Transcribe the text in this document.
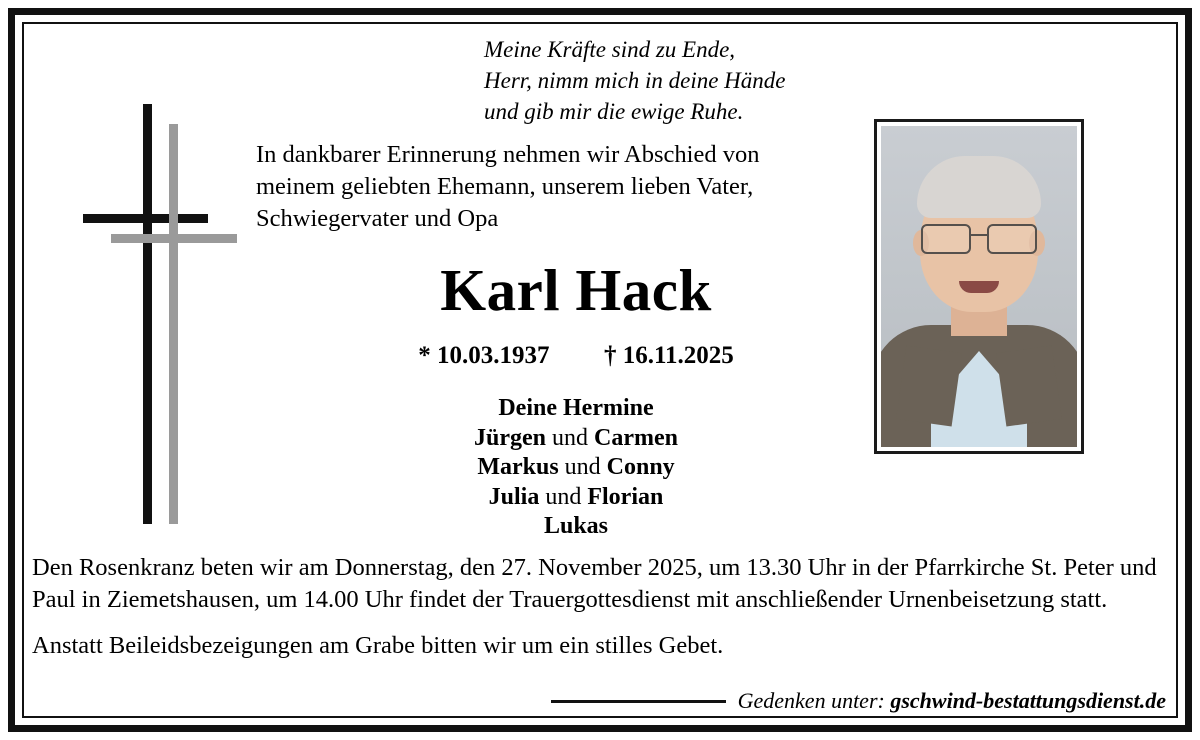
Meine Kräfte sind zu Ende,
Herr, nimm mich in deine Hände
und gib mir die ewige Ruhe.
In dankbarer Erinnerung nehmen wir Abschied von
meinem geliebten Ehemann, unserem lieben Vater,
Schwiegervater und Opa
Karl Hack
* 10.03.1937 † 16.11.2025
Deine Hermine
Jürgen und Carmen
Markus und Conny
Julia und Florian
Lukas

Den Rosenkranz beten wir am Donnerstag, den 27. November 2025, um 13.30 Uhr in der Pfarrkirche St. Peter und Paul in Ziemetshausen, um 14.00 Uhr findet der Trauergottesdienst mit anschließender Urnenbeisetzung statt.

Anstatt Beileidsbezeigungen am Grabe bitten wir um ein stilles Gebet.

Gedenken unter: gschwind-bestattungsdienst.de
